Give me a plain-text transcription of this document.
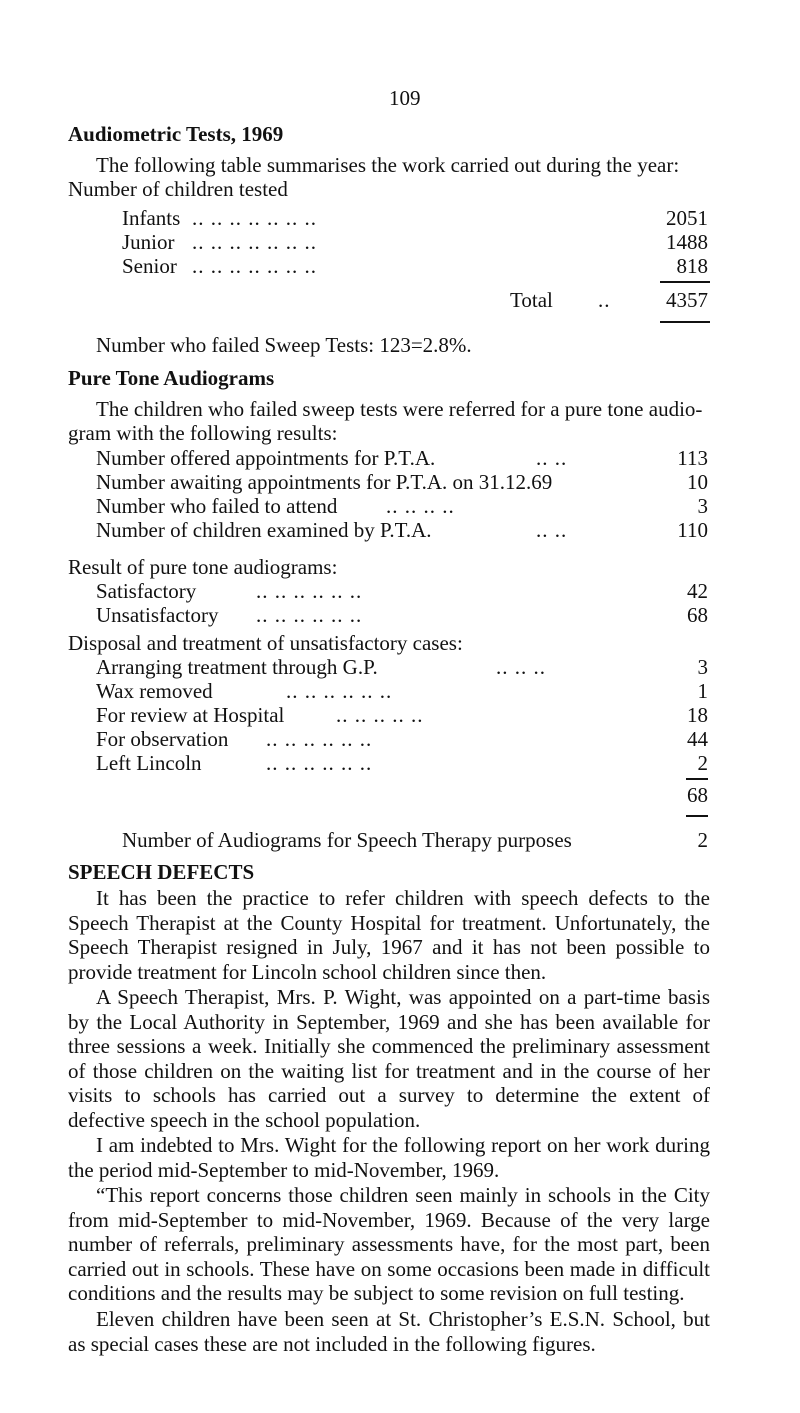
109
Audiometric Tests, 1969
The following table summarises the work carried out during the year:
Number of children tested
Infants .. .. .. .. .. .. ..	2051
Junior .. .. .. .. .. .. ..	1488
Senior .. .. .. .. .. .. ..	818
Total ..	4357
Number who failed Sweep Tests: 123=2.8%.
Pure Tone Audiograms
The children who failed sweep tests were referred for a pure tone audio-
gram with the following results:
Number offered appointments for P.T.A.	.. ..	113
Number awaiting appointments for P.T.A. on 31.12.69	10
Number who failed to attend .. .. .. ..	3
Number of children examined by P.T.A.	.. ..	110
Result of pure tone audiograms:
Satisfactory	.. .. .. .. .. ..	42
Unsatisfactory .. .. .. .. .. ..	68
Disposal and treatment of unsatisfactory cases:
Arranging treatment through G.P.	.. .. ..	3
Wax removed	.. .. .. .. .. ..	1
For review at Hospital .. .. .. .. ..	18
For observation .. .. .. .. .. ..	44
Left Lincoln	.. .. .. .. .. ..	2
68
Number of Audiograms for Speech Therapy purposes	2
SPEECH DEFECTS
It has been the practice to refer children with speech defects to the Speech Therapist at the County Hospital for treatment. Unfortunately, the Speech Therapist resigned in July, 1967 and it has not been possible to provide treatment for Lincoln school children since then.
A Speech Therapist, Mrs. P. Wight, was appointed on a part-time basis by the Local Authority in September, 1969 and she has been available for three sessions a week. Initially she commenced the preliminary assessment of those children on the waiting list for treatment and in the course of her visits to schools has carried out a survey to determine the extent of defective speech in the school population.
I am indebted to Mrs. Wight for the following report on her work during the period mid-September to mid-November, 1969.
“This report concerns those children seen mainly in schools in the City from mid-September to mid-November, 1969. Because of the very large number of referrals, preliminary assessments have, for the most part, been carried out in schools. These have on some occasions been made in difficult conditions and the results may be subject to some revision on full testing.
Eleven children have been seen at St. Christopher’s E.S.N. School, but as special cases these are not included in the following figures.
